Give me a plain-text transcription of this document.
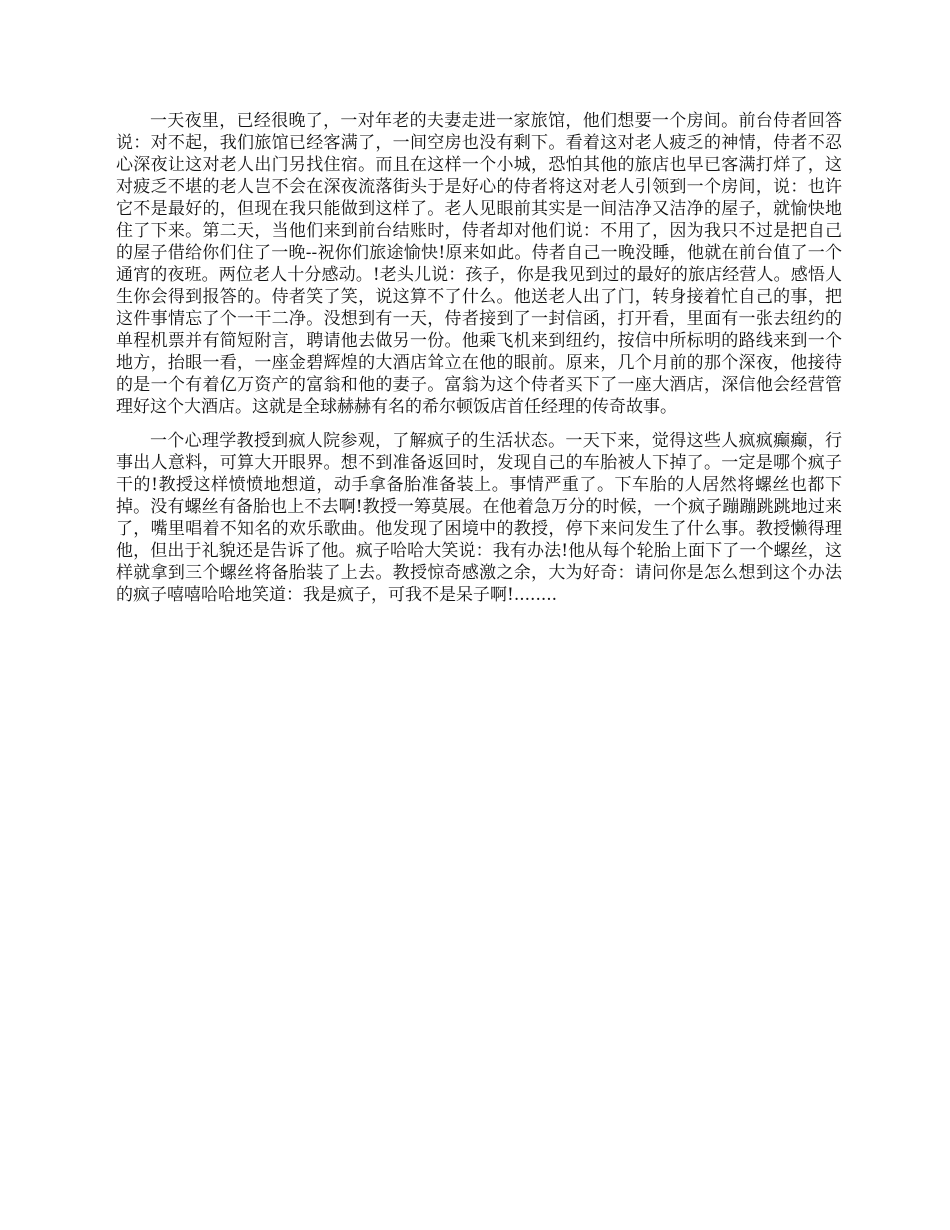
一天夜里，已经很晚了，一对年老的夫妻走进一家旅馆，他们想要一个房间。前台侍者回答说：对不起，我们旅馆已经客满了，一间空房也没有剩下。看着这对老人疲乏的神情，侍者不忍心深夜让这对老人出门另找住宿。而且在这样一个小城，恐怕其他的旅店也早已客满打烊了，这对疲乏不堪的老人岂不会在深夜流落街头于是好心的侍者将这对老人引领到一个房间，说：也许它不是最好的，但现在我只能做到这样了。老人见眼前其实是一间洁净又洁净的屋子，就愉快地住了下来。第二天，当他们来到前台结账时，侍者却对他们说：不用了，因为我只不过是把自己的屋子借给你们住了一晚--祝你们旅途愉快!原来如此。侍者自己一晚没睡，他就在前台值了一个通宵的夜班。两位老人十分感动。!老头儿说：孩子，你是我见到过的最好的旅店经营人。感悟人生你会得到报答的。侍者笑了笑，说这算不了什么。他送老人出了门，转身接着忙自己的事，把这件事情忘了个一干二净。没想到有一天，侍者接到了一封信函，打开看，里面有一张去纽约的单程机票并有简短附言，聘请他去做另一份。他乘飞机来到纽约，按信中所标明的路线来到一个地方，抬眼一看，一座金碧辉煌的大酒店耸立在他的眼前。原来，几个月前的那个深夜，他接待的是一个有着亿万资产的富翁和他的妻子。富翁为这个侍者买下了一座大酒店，深信他会经营管理好这个大酒店。这就是全球赫赫有名的希尔顿饭店首任经理的传奇故事。

一个心理学教授到疯人院参观，了解疯子的生活状态。一天下来，觉得这些人疯疯癫癫，行事出人意料，可算大开眼界。想不到准备返回时，发现自己的车胎被人下掉了。一定是哪个疯子干的!教授这样愤愤地想道，动手拿备胎准备装上。事情严重了。下车胎的人居然将螺丝也都下掉。没有螺丝有备胎也上不去啊!教授一筹莫展。在他着急万分的时候，一个疯子蹦蹦跳跳地过来了，嘴里唱着不知名的欢乐歌曲。他发现了困境中的教授，停下来问发生了什么事。教授懒得理他，但出于礼貌还是告诉了他。疯子哈哈大笑说：我有办法!他从每个轮胎上面下了一个螺丝，这样就拿到三个螺丝将备胎装了上去。教授惊奇感激之余，大为好奇：请问你是怎么想到这个办法的疯子嘻嘻哈哈地笑道：我是疯子，可我不是呆子啊!........
